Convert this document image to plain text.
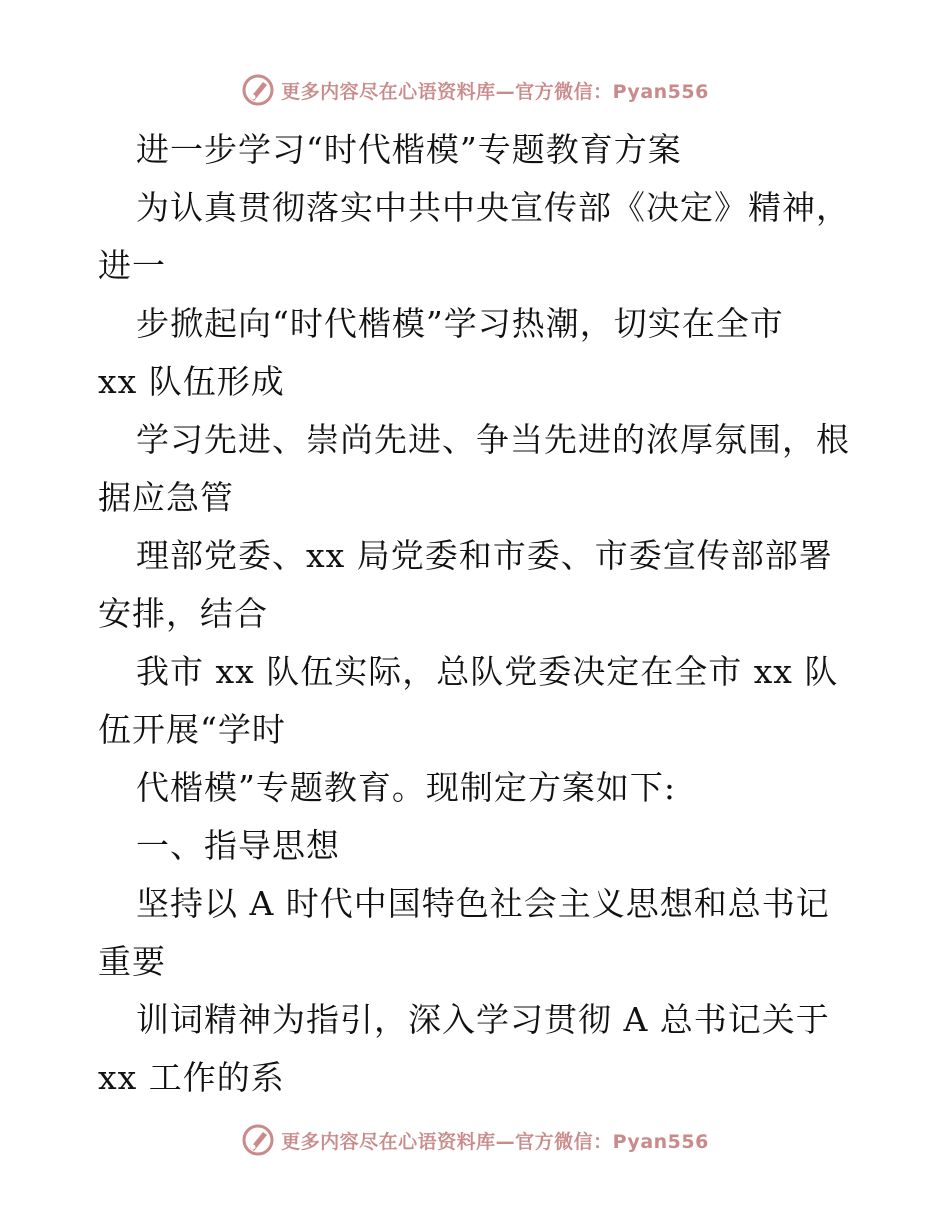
更多内容尽在心语资料库—官方微信：Pyan556
进一步学习“时代楷模”专题教育方案
为认真贯彻落实中共中央宣传部《决定》精神，
进一
步掀起向“时代楷模”学习热潮，切实在全市
xx 队伍形成
学习先进、崇尚先进、争当先进的浓厚氛围，根
据应急管
理部党委、xx 局党委和市委、市委宣传部部署
安排，结合
我市 xx 队伍实际，总队党委决定在全市 xx 队
伍开展“学时
代楷模”专题教育。现制定方案如下:
一、指导思想
坚持以 A 时代中国特色社会主义思想和总书记
重要
训词精神为指引，深入学习贯彻 A 总书记关于
xx 工作的系
更多内容尽在心语资料库—官方微信：Pyan556
